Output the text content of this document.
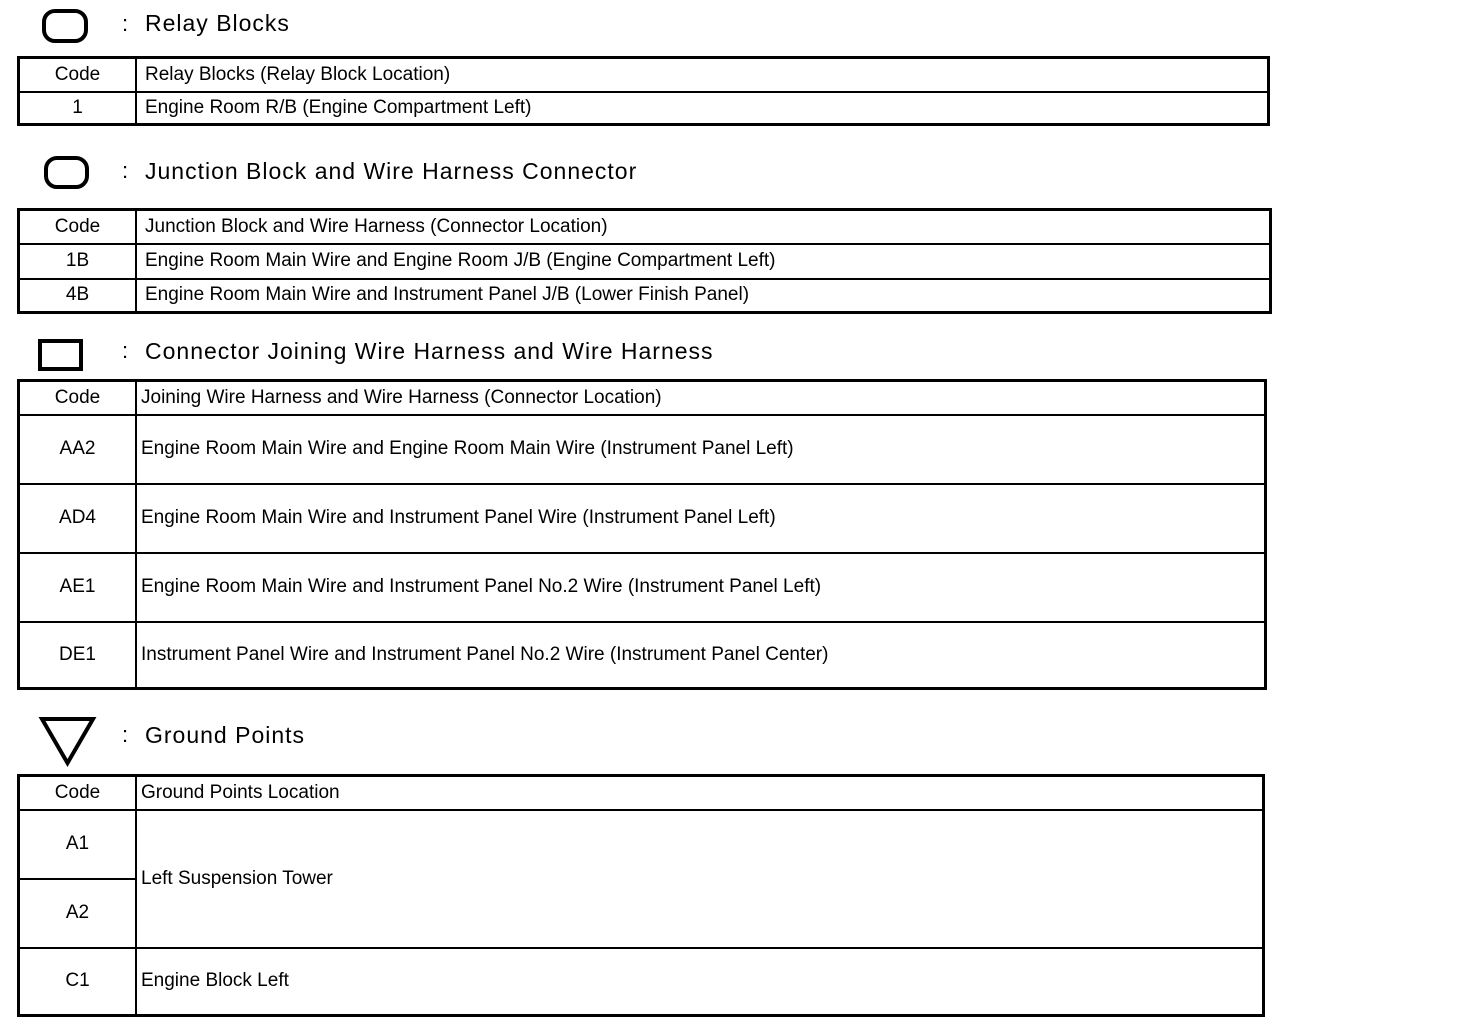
: Relay Blocks
Code	Relay Blocks (Relay Block Location)
1	Engine Room R/B (Engine Compartment Left)
: Junction Block and Wire Harness Connector
Code	Junction Block and Wire Harness (Connector Location)
1B	Engine Room Main Wire and Engine Room J/B (Engine Compartment Left)
4B	Engine Room Main Wire and Instrument Panel J/B (Lower Finish Panel)
: Connector Joining Wire Harness and Wire Harness
Code	Joining Wire Harness and Wire Harness (Connector Location)
AA2	Engine Room Main Wire and Engine Room Main Wire (Instrument Panel Left)
AD4	Engine Room Main Wire and Instrument Panel Wire (Instrument Panel Left)
AE1	Engine Room Main Wire and Instrument Panel No.2 Wire (Instrument Panel Left)
DE1	Instrument Panel Wire and Instrument Panel No.2 Wire (Instrument Panel Center)
: Ground Points
Code	Ground Points Location
A1	Left Suspension Tower
A2	
C1	Engine Block Left
